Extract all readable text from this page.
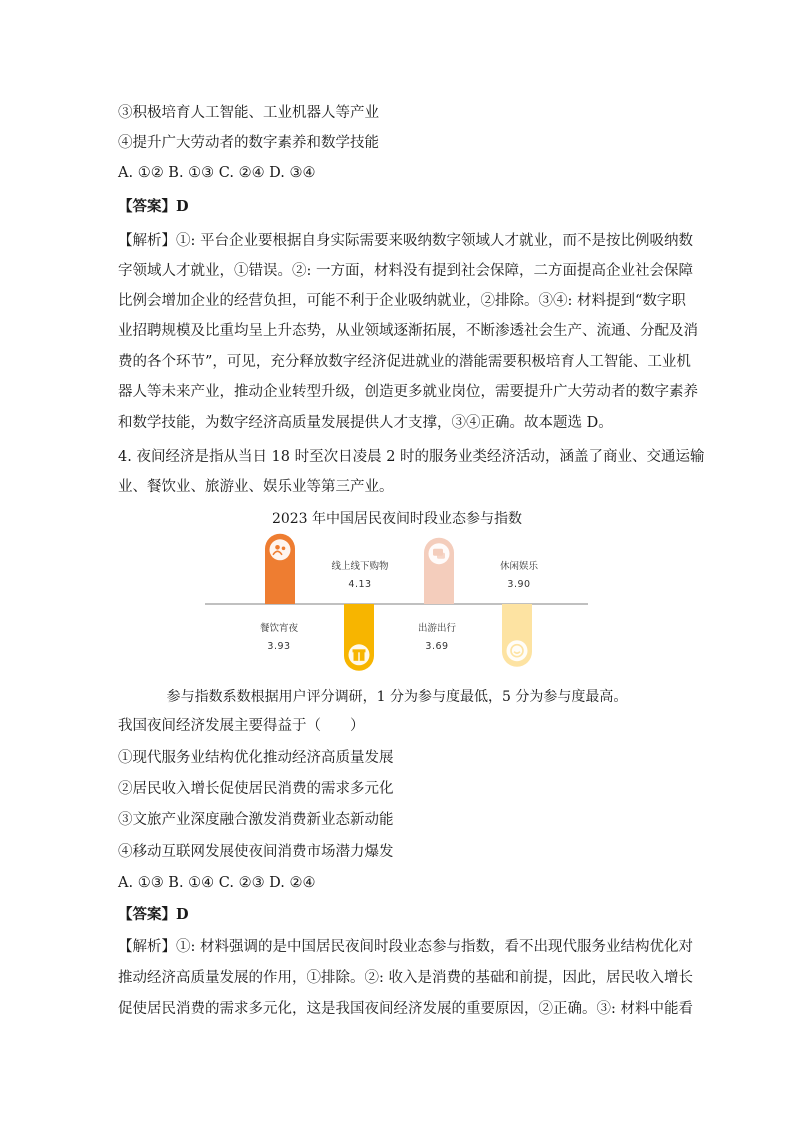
③积极培育人工智能、工业机器人等产业
④提升广大劳动者的数字素养和数学技能
A. ①② B. ①③ C. ②④ D. ③④
【答案】D
【解析】①: 平台企业要根据自身实际需要来吸纳数字领域人才就业，而不是按比例吸纳数
字领域人才就业，①错误。②: 一方面，材料没有提到社会保障，二方面提高企业社会保障
比例会增加企业的经营负担，可能不利于企业吸纳就业，②排除。③④: 材料提到“数字职
业招聘规模及比重均呈上升态势，从业领域逐渐拓展，不断渗透社会生产、流通、分配及消
费的各个环节”，可见，充分释放数字经济促进就业的潜能需要积极培育人工智能、工业机
器人等未来产业，推动企业转型升级，创造更多就业岗位，需要提升广大劳动者的数字素养
和数学技能，为数字经济高质量发展提供人才支撑，③④正确。故本题选 D。
4. 夜间经济是指从当日 18 时至次日凌晨 2 时的服务业类经济活动，涵盖了商业、交通运输
业、餐饮业、旅游业、娱乐业等第三产业。
2023 年中国居民夜间时段业态参与指数
线上线下购物
4.13
餐饮宵夜
3.93
休闲娱乐
3.90
出游出行
3.69
参与指数系数根据用户评分调研，1 分为参与度最低，5 分为参与度最高。
我国夜间经济发展主要得益于（　　）
①现代服务业结构优化推动经济高质量发展
②居民收入增长促使居民消费的需求多元化
③文旅产业深度融合激发消费新业态新动能
④移动互联网发展使夜间消费市场潜力爆发
A. ①③ B. ①④ C. ②③ D. ②④
【答案】D
【解析】①: 材料强调的是中国居民夜间时段业态参与指数，看不出现代服务业结构优化对
推动经济高质量发展的作用，①排除。②: 收入是消费的基础和前提，因此，居民收入增长
促使居民消费的需求多元化，这是我国夜间经济发展的重要原因，②正确。③: 材料中能看
